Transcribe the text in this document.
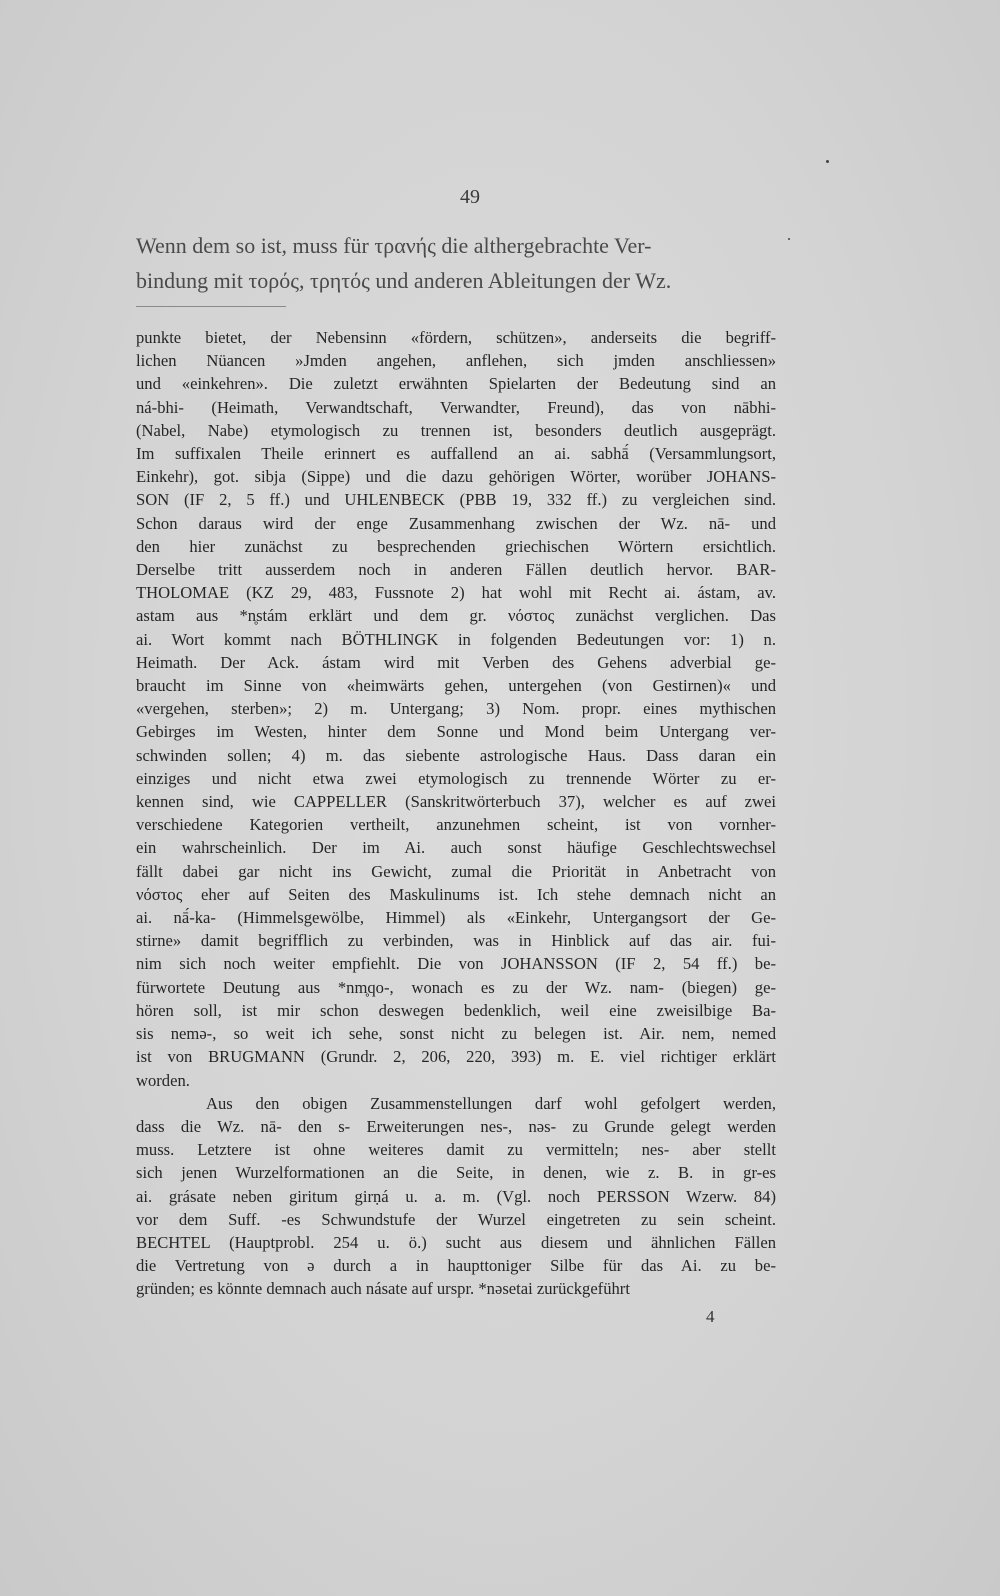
49
Wenn dem so ist, muss für τρανής die althergebrachte Ver-
bindung mit τορός, τρητός und anderen Ableitungen der Wz.
punkte bietet, der Nebensinn «fördern, schützen», anderseits die begriff-
lichen Nüancen »Jmden angehen, anflehen, sich jmden anschliessen»
und «einkehren». Die zuletzt erwähnten Spielarten der Bedeutung sind an
ná-bhi- (Heimath, Verwandtschaft, Verwandter, Freund), das von nābhi-
(Nabel, Nabe) etymologisch zu trennen ist, besonders deutlich ausgeprägt.
Im suffixalen Theile erinnert es auffallend an ai. sabhā́ (Versammlungsort,
Einkehr), got. sibja (Sippe) und die dazu gehörigen Wörter, worüber JOHANS-
SON (IF 2, 5 ff.) und UHLENBECK (PBB 19, 332 ff.) zu vergleichen sind.
Schon daraus wird der enge Zusammenhang zwischen der Wz. nā- und
den hier zunächst zu besprechenden griechischen Wörtern ersichtlich.
Derselbe tritt ausserdem noch in anderen Fällen deutlich hervor. BAR-
THOLOMAE (KZ 29, 483, Fussnote 2) hat wohl mit Recht ai. ástam, av.
astam aus *n̥stám erklärt und dem gr. νόστος zunächst verglichen. Das
ai. Wort kommt nach BÖTHLINGK in folgenden Bedeutungen vor: 1) n.
Heimath. Der Ack. ástam wird mit Verben des Gehens adverbial ge-
braucht im Sinne von «heimwärts gehen, untergehen (von Gestirnen)« und
«vergehen, sterben»; 2) m. Untergang; 3) Nom. propr. eines mythischen
Gebirges im Westen, hinter dem Sonne und Mond beim Untergang ver-
schwinden sollen; 4) m. das siebente astrologische Haus. Dass daran ein
einziges und nicht etwa zwei etymologisch zu trennende Wörter zu er-
kennen sind, wie CAPPELLER (Sanskritwörterbuch 37), welcher es auf zwei
verschiedene Kategorien vertheilt, anzunehmen scheint, ist von vornher-
ein wahrscheinlich. Der im Ai. auch sonst häufige Geschlechtswechsel
fällt dabei gar nicht ins Gewicht, zumal die Priorität in Anbetracht von
νόστος eher auf Seiten des Maskulinums ist. Ich stehe demnach nicht an
ai. nā́-ka- (Himmelsgewölbe, Himmel) als «Einkehr, Untergangsort der Ge-
stirne» damit begrifflich zu verbinden, was in Hinblick auf das air. fui-
nim sich noch weiter empfiehlt. Die von JOHANSSON (IF 2, 54 ff.) be-
fürwortete Deutung aus *nm̥qo-, wonach es zu der Wz. nam- (biegen) ge-
hören soll, ist mir schon deswegen bedenklich, weil eine zweisilbige Ba-
sis nemə-, so weit ich sehe, sonst nicht zu belegen ist. Air. nem, nemed
ist von BRUGMANN (Grundr. 2, 206, 220, 393) m. E. viel richtiger erklärt
worden.
Aus den obigen Zusammenstellungen darf wohl gefolgert werden,
dass die Wz. nā- den s- Erweiterungen nes-, nəs- zu Grunde gelegt werden
muss. Letztere ist ohne weiteres damit zu vermitteln; nes- aber stellt
sich jenen Wurzelformationen an die Seite, in denen, wie z. B. in gr-es
ai. grásate neben giritum girṇá u. a. m. (Vgl. noch PERSSON Wzerw. 84)
vor dem Suff. -es Schwundstufe der Wurzel eingetreten zu sein scheint.
BECHTEL (Hauptprobl. 254 u. ö.) sucht aus diesem und ähnlichen Fällen
die Vertretung von ə durch a in haupttoniger Silbe für das Ai. zu be-
gründen; es könnte demnach auch násate auf urspr. *nəsetai zurückgeführt
4
